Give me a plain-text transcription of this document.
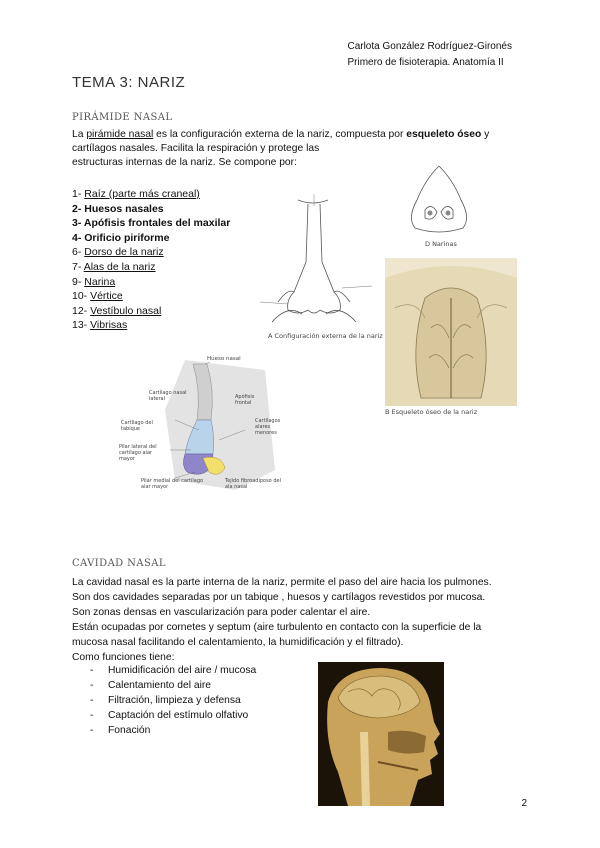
Carlota González Rodríguez-Gironés
Primero de fisioterapia. Anatomía II
TEMA 3: NARIZ
PIRÁMIDE NASAL
La pirámide nasal es la configuración externa de la nariz, compuesta por esqueleto óseo y cartílagos nasales. Facilita la respiración y protege las
estructuras internas de la nariz. Se compone por:
1- Raíz (parte más craneal)
2- Huesos nasales
3- Apófisis frontales del maxilar
4- Orificio piriforme
6- Dorso de la nariz
7- Alas de la nariz
9- Narina
10- Vértice
12- Vestíbulo nasal
13- Vibrisas
A Configuración externa de la nariz
D Narinas
B Esqueleto óseo de la nariz
Hueso nasal
Apófisis frontal
Cartílago nasal lateral
Cartílago del tabique
Cartílagos alares menores
Pilar lateral del cartílago alar mayor
Pilar medial del cartílago alar mayor
Tejido fibroadiposo del ala nasal
CAVIDAD NASAL
La cavidad nasal es la parte interna de la nariz, permite el paso del aire hacia los pulmones.
Son dos cavidades separadas por un tabique , huesos y cartílagos revestidos por mucosa.
Son zonas densas en vascularización para poder calentar el aire.
Están ocupadas por cornetes y septum (aire turbulento en contacto con la superficie de la
mucosa nasal facilitando el calentamiento, la humidificación y el filtrado).
Como funciones tiene:
- Humidificación del aire / mucosa
- Calentamiento del aire
- Filtración, limpieza y defensa
- Captación del estímulo olfativo
- Fonación
2
